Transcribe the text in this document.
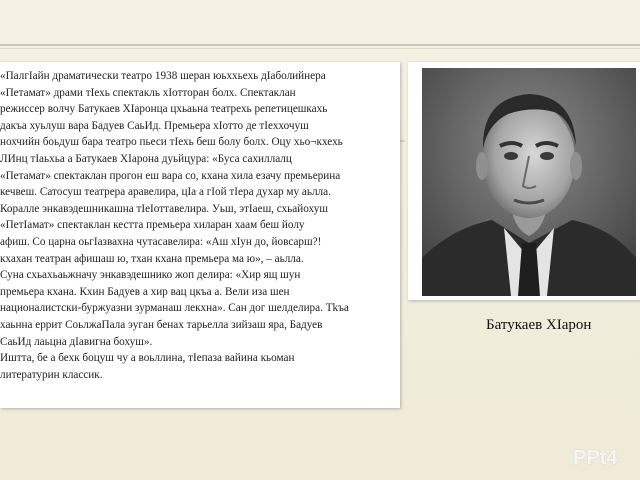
«ПалгIайн драматически театро 1938 шеран юьххьехь дIаболийнера
«Петамат» драми тIехь спектакль хIотторан болх. Спектаклан
режиссер волчу Батукаев ХIаронца цхьаьна театрехь репетицешкахь
дакъа хуьлуш вара Бадуев СаьИд. Премьера хIотто де тIеххочуш
нохчийн боьдуш бара театро пьеси тIехь беш болу болх. Оцу хьо¬кхехь
ЛИнц тIаьхьа а Батукаев ХIарона дуьйцура: «Буса сахиллалц
«Петамат» спектаклан прогон еш вара со, кхана хила езачу премьерина
кечвеш. Сатосуш театрера аравелира, цIа а гIой тIера духар му аьлла.
Коралле энкавэдешникашна тIеIоттавелира. Уьш, этIаеш, схьайохуш
«ПетIамат» спектаклан кестта премьера хиларан хаам беш йолу
афиш. Со царна оьгIазвахна чутасавелира: «Аш хIун до, йовсарш?!
кхахан театран афишаш ю, тхан кхана премьера ма ю», – аьлла.
Суна схьахьаьжначу энкавэдешнико жоп делира: «Хир ящ шун
премьера кхана. Кхин Бадуев а хир вац цкъа а. Вели иза шен
националистски-буржуазни зурманаш лекхна». Сан дог шелделира. Тkъа
хаьнна еррит СоьлжаПала эуган бенах тарьелла зийзаш яра, Бадуев
СаьИд лаьцна дIавигна бохуш».
Иштта, бе а бехк боцуш чу а воьллина, тIепаза вайина кьоман
литературин классик.
Батукаев ХIарон
PPt4
